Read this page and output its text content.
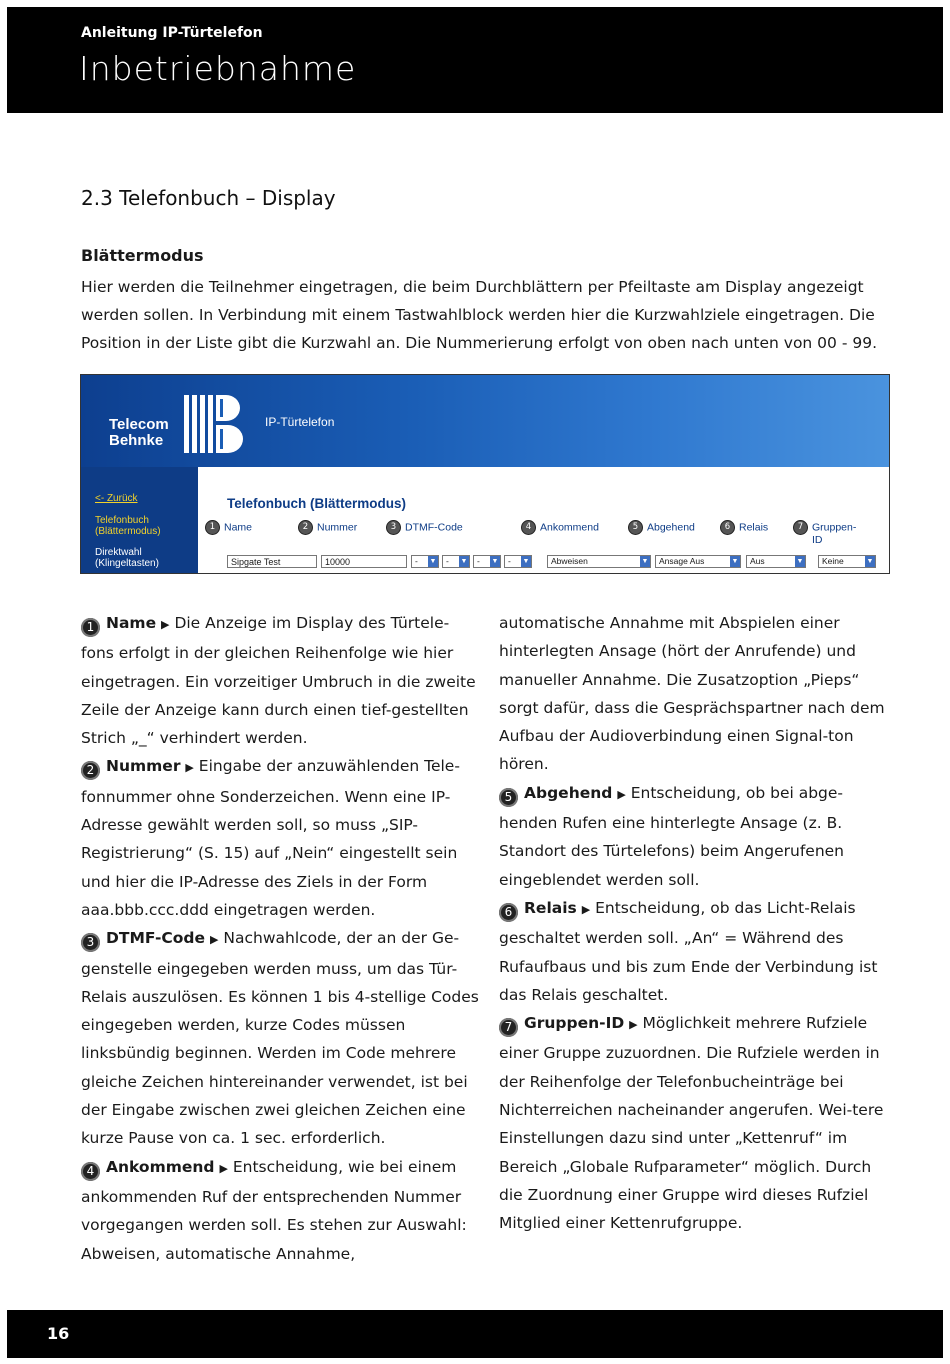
Anleitung IP-Türtelefon
Inbetriebnahme
2.3 Telefonbuch – Display
Blättermodus

Hier werden die Teilnehmer eingetragen, die beim Durchblättern per Pfeiltaste am Display angezeigt

werden sollen. In Verbindung mit einem Tastwahlblock werden hier die Kurzwahlziele eingetragen. Die

Position in der Liste gibt die Kurzwahl an. Die Nummerierung erfolgt von oben nach unten von 00 - 99.

Telecom
Behnke
IP-Türtelefon
<- Zurück
Telefonbuch
(Blättermodus)
Direktwahl
(Klingeltasten)
Telefonbuch (Blättermodus)
1 Name	2 Nummer	3 DTMF-Code	4 Ankommend	5 Abgehend	6 Relais	7 Gruppen-
ID
Sipgate Test	10000	- ▼	- ▼	- ▼	- ▼	Abweisen	▼	Ansage Aus	▼	Aus	▼	Keine	▼

1 Name ▶ Die Anzeige im Display des Türtele-fons erfolgt in der gleichen Reihenfolge wie hier eingetragen. Ein vorzeitiger Umbruch in die zweite Zeile der Anzeige kann durch einen tief-gestellten Strich „_“ verhindert werden.

2 Nummer ▶ Eingabe der anzuwählenden Tele-fonnummer ohne Sonderzeichen. Wenn eine IP-Adresse gewählt werden soll, so muss „SIP-Registrierung“ (S. 15) auf „Nein“ eingestellt sein und hier die IP-Adresse des Ziels in der Form aaa.bbb.ccc.ddd eingetragen werden.

3 DTMF-Code ▶ Nachwahlcode, der an der Ge-genstelle eingegeben werden muss, um das Tür-Relais auszulösen. Es können 1 bis 4-stellige Codes eingegeben werden, kurze Codes müssen linksbündig beginnen. Werden im Code mehrere gleiche Zeichen hintereinander verwendet, ist bei der Eingabe zwischen zwei gleichen Zeichen eine kurze Pause von ca. 1 sec. erforderlich.

4 Ankommend ▶ Entscheidung, wie bei einem ankommenden Ruf der entsprechenden Nummer vorgegangen werden soll. Es stehen zur Auswahl: Abweisen, automatische Annahme,

automatische Annahme mit Abspielen einer hinterlegten Ansage (hört der Anrufende) und manueller Annahme. Die Zusatzoption „Pieps“ sorgt dafür, dass die Gesprächspartner nach dem Aufbau der Audioverbindung einen Signal-ton hören.

5 Abgehend ▶ Entscheidung, ob bei abge-henden Rufen eine hinterlegte Ansage (z. B. Standort des Türtelefons) beim Angerufenen eingeblendet werden soll.

6 Relais ▶ Entscheidung, ob das Licht-Relais geschaltet werden soll. „An“ = Während des Rufaufbaus und bis zum Ende der Verbindung ist das Relais geschaltet.

7 Gruppen-ID ▶ Möglichkeit mehrere Rufziele einer Gruppe zuzuordnen. Die Rufziele werden in der Reihenfolge der Telefonbucheinträge bei Nichterreichen nacheinander angerufen. Wei-tere Einstellungen dazu sind unter „Kettenruf“ im Bereich „Globale Rufparameter“ möglich. Durch die Zuordnung einer Gruppe wird dieses Rufziel Mitglied einer Kettenrufgruppe.

16
